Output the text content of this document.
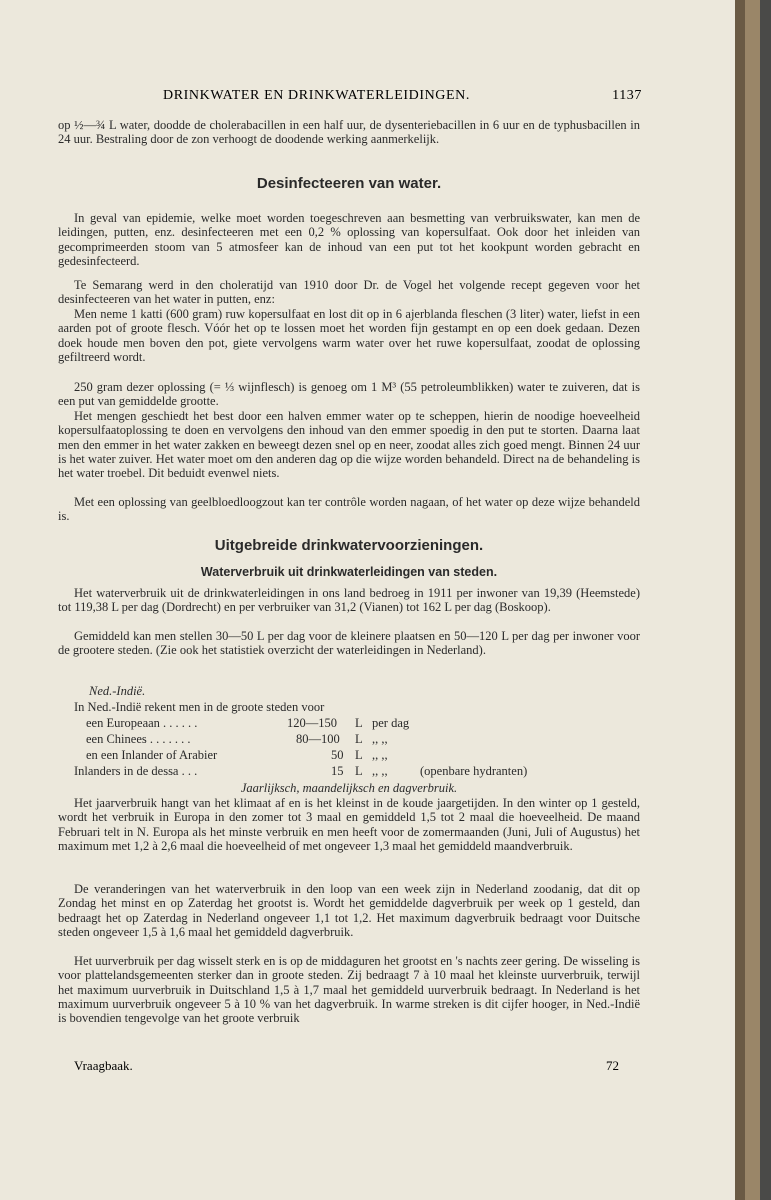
DRINKWATER EN DRINKWATERLEIDINGEN.	1137
op ½—¾ L water, doodde de cholerabacillen in een half uur, de dysenteriebacillen in 6 uur en de typhusbacillen in 24 uur. Bestraling door de zon verhoogt de doodende werking aanmerkelijk.
Desinfecteeren van water.
In geval van epidemie, welke moet worden toegeschreven aan besmetting van verbruikswater, kan men de leidingen, putten, enz. desinfecteeren met een 0,2 % oplossing van kopersulfaat. Ook door het inleiden van gecomprimeerden stoom van 5 atmosfeer kan de inhoud van een put tot het kookpunt worden gebracht en gedesinfecteerd.
Te Semarang werd in den choleratijd van 1910 door Dr. de Vogel het volgende recept gegeven voor het desinfecteeren van het water in putten, enz:
Men neme 1 katti (600 gram) ruw kopersulfaat en lost dit op in 6 ajerblanda fleschen (3 liter) water, liefst in een aarden pot of groote flesch. Vóór het op te lossen moet het worden fijn gestampt en op een doek gedaan. Dezen doek houde men boven den pot, giete vervolgens warm water over het ruwe kopersulfaat, zoodat de oplossing gefiltreerd wordt.
250 gram dezer oplossing (= ⅓ wijnflesch) is genoeg om 1 M³ (55 petroleumblikken) water te zuiveren, dat is een put van gemiddelde grootte.
Het mengen geschiedt het best door een halven emmer water op te scheppen, hierin de noodige hoeveelheid kopersulfaatoplossing te doen en vervolgens den inhoud van den emmer spoedig in den put te storten. Daarna laat men den emmer in het water zakken en beweegt dezen snel op en neer, zoodat alles zich goed mengt. Binnen 24 uur is het water zuiver. Het water moet om den anderen dag op die wijze worden behandeld. Direct na de behandeling is het water troebel. Dit beduidt evenwel niets.
Met een oplossing van geelbloedloogzout kan ter contrôle worden nagaan, of het water op deze wijze behandeld is.
Uitgebreide drinkwatervoorzieningen.
Waterverbruik uit drinkwaterleidingen van steden.
Het waterverbruik uit de drinkwaterleidingen in ons land bedroeg in 1911 per inwoner van 19,39 (Heemstede) tot 119,38 L per dag (Dordrecht) en per verbruiker van 31,2 (Vianen) tot 162 L per dag (Boskoop).
Gemiddeld kan men stellen 30—50 L per dag voor de kleinere plaatsen en 50—120 L per dag per inwoner voor de grootere steden. (Zie ook het statistiek overzicht der waterleidingen in Nederland).
Ned.-Indië.
In Ned.-Indië rekent men in de groote steden voor
een Europeaan . . . . . .	120—150 L per dag
een Chinees . . . . . . .	80—100 L ,, ,,
en een Inlander of Arabier	50 L ,, ,,
Inlanders in de dessa . . .	15 L ,, ,,	(openbare hydranten)
Jaarlijksch, maandelijksch en dagverbruik.
Het jaarverbruik hangt van het klimaat af en is het kleinst in de koude jaargetijden. In den winter op 1 gesteld, wordt het verbruik in Europa in den zomer tot 3 maal en gemiddeld 1,5 tot 2 maal die hoeveelheid. De maand Februari telt in N. Europa als het minste verbruik en men heeft voor de zomermaanden (Juni, Juli of Augustus) het maximum met 1,2 à 2,6 maal die hoeveelheid of met ongeveer 1,3 maal het gemiddeld maandverbruik.
De veranderingen van het waterverbruik in den loop van een week zijn in Nederland zoodanig, dat dit op Zondag het minst en op Zaterdag het grootst is. Wordt het gemiddelde dagverbruik per week op 1 gesteld, dan bedraagt het op Zaterdag in Nederland ongeveer 1,1 tot 1,2. Het maximum dagverbruik bedraagt voor Duitsche steden ongeveer 1,5 à 1,6 maal het gemiddeld dagverbruik.
Het uurverbruik per dag wisselt sterk en is op de middaguren het grootst en 's nachts zeer gering. De wisseling is voor plattelandsgemeenten sterker dan in groote steden. Zij bedraagt 7 à 10 maal het kleinste uurverbruik, terwijl het maximum uurverbruik in Duitschland 1,5 à 1,7 maal het gemiddeld uurverbruik bedraagt. In Nederland is het maximum uurverbruik ongeveer 5 à 10 % van het dagverbruik. In warme streken is dit cijfer hooger, in Ned.-Indië is bovendien tengevolge van het groote verbruik
Vraagbaak.	72
